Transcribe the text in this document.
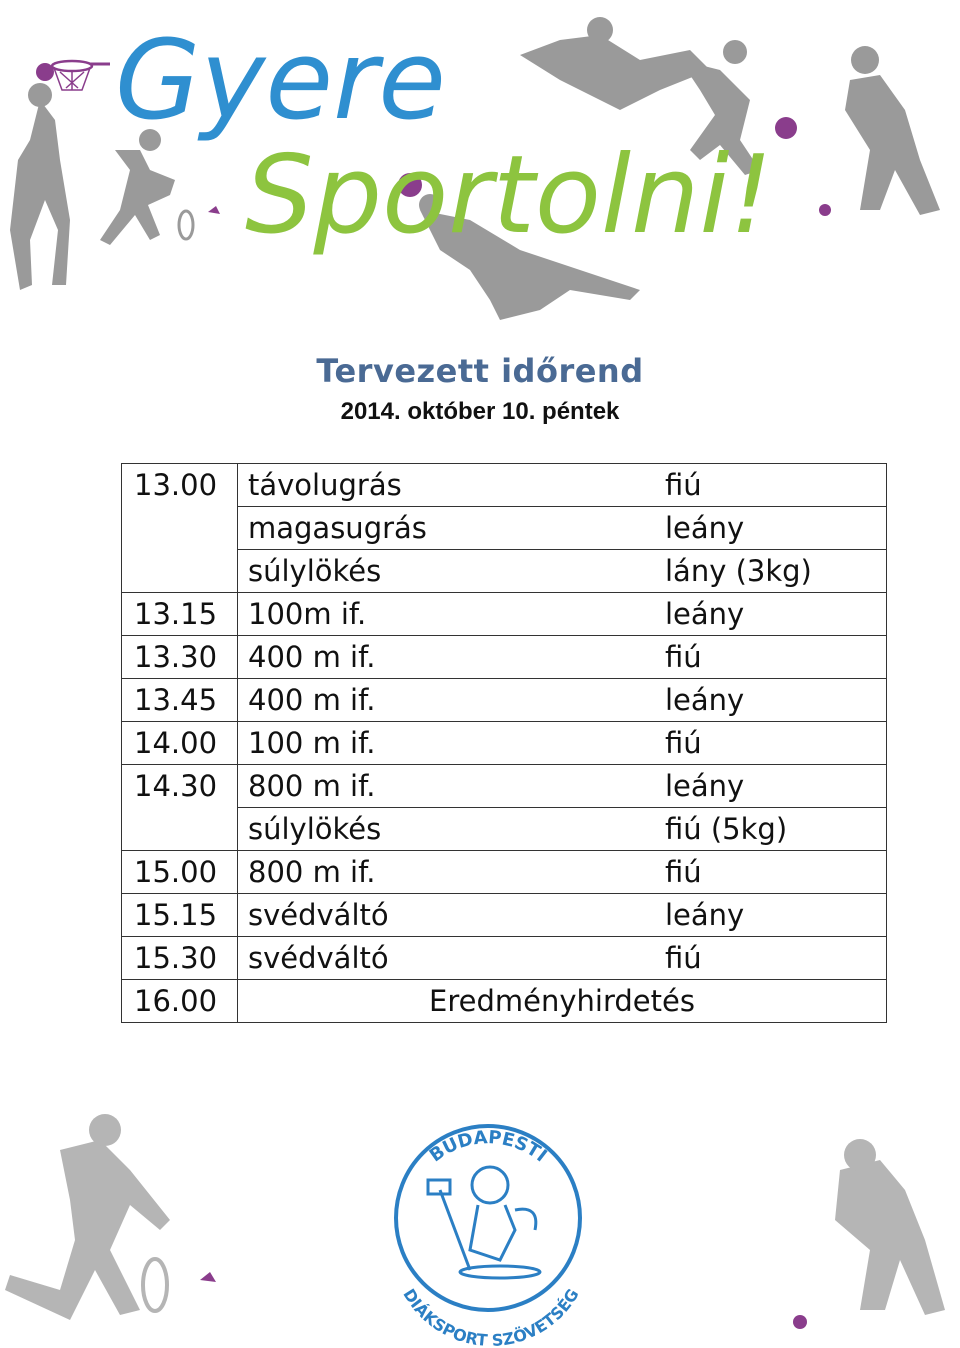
Gyere
Sportolni!
Tervezett időrend
2014. október 10. péntek
13.00	távolugrás	fiú
	magasugrás	leány
	súlylökés	lány (3kg)
13.15	100m if.	leány
13.30	400 m if.	fiú
13.45	400 m if.	leány
14.00	100 m if.	fiú
14.30	800 m if.	leány
	súlylökés	fiú (5kg)
15.00	800 m if.	fiú
15.15	svédváltó	leány
15.30	svédváltó	fiú
16.00	Eredményhirdetés	
BUDAPESTI
DIÁKSPORT SZÖVETSÉG
